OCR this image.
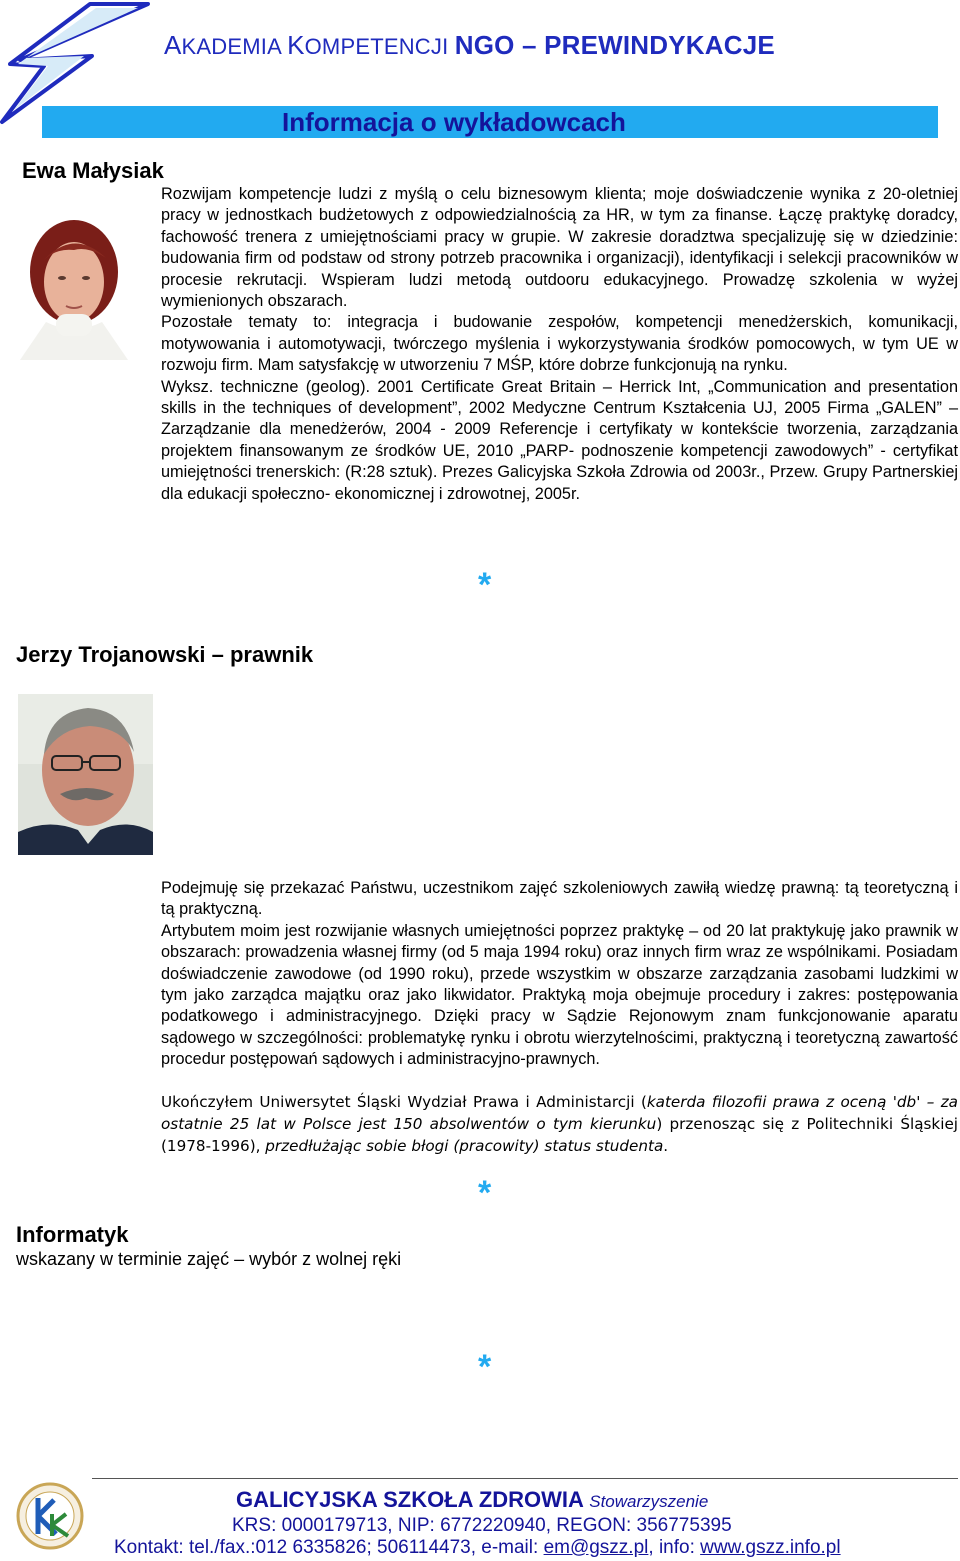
AKADEMIA KOMPETENCJI NGO – PREWINDYKACJE
Informacja o wykładowcach
Ewa Małysiak

Rozwijam kompetencje ludzi z myślą o celu biznesowym klienta; moje doświadczenie wynika z 20-oletniej pracy w jednostkach budżetowych z odpowiedzialnością za HR, w tym za finanse. Łączę praktykę doradcy, fachowość trenera z umiejętnościami pracy w grupie. W zakresie doradztwa specjalizuję się w dziedzinie: budowania firm od podstaw od strony potrzeb pracownika i organizacji), identyfikacji i selekcji pracowników w procesie rekrutacji. Wspieram ludzi metodą outdooru edukacyjnego. Prowadzę szkolenia w wyżej wymienionych obszarach.

Pozostałe tematy to: integracja i budowanie zespołów, kompetencji menedżerskich, komunikacji, motywowania i automotywacji, twórczego myślenia i wykorzystywania środków pomocowych, w tym UE w rozwoju firm. Mam satysfakcję w utworzeniu 7 MŚP, które dobrze funkcjonują na rynku.

Wyksz. techniczne (geolog). 2001 Certificate Great Britain – Herrick Int, „Communication and presentation skills in the techniques of development”, 2002 Medyczne Centrum Kształcenia UJ, 2005 Firma „GALEN” – Zarządzanie dla menedżerów, 2004 - 2009 Referencje i certyfikaty w kontekście tworzenia, zarządzania projektem finansowanym ze środków UE, 2010 „PARP- podnoszenie kompetencji zawodowych” - certyfikat umiejętności trenerskich: (R:28 sztuk). Prezes Galicyjska Szkoła Zdrowia od 2003r., Przew. Grupy Partnerskiej dla edukacji społeczno- ekonomicznej i zdrowotnej, 2005r.

*
Jerzy Trojanowski – prawnik

Podejmuję się przekazać Państwu, uczestnikom zajęć szkoleniowych zawiłą wiedzę prawną: tą teoretyczną i tą praktyczną.

Artybutem moim jest rozwijanie własnych umiejętności poprzez praktykę – od 20 lat praktykuję jako prawnik w obszarach: prowadzenia własnej firmy (od 5 maja 1994 roku) oraz innych firm wraz ze wspólnikami. Posiadam doświadczenie zawodowe (od 1990 roku), przede wszystkim w obszarze zarządzania zasobami ludzkimi w tym jako zarządca majątku oraz jako likwidator. Praktyką moja obejmuje procedury i zakres: postępowania podatkowego i administracyjnego. Dzięki pracy w Sądzie Rejonowym znam funkcjonowanie aparatu sądowego w szczególności: problematykę rynku i obrotu wierzytelnościmi, praktyczną i teoretyczną zawartość procedur postępowań sądowych i administracyjno-prawnych.

Ukończyłem Uniwersytet Śląski Wydział Prawa i Administarcji (katerda filozofii prawa z oceną 'db' – za ostatnie 25 lat w Polsce jest 150 absolwentów o tym kierunku) przenosząc się z Politechniki Śląskiej (1978-1996), przedłużając sobie błogi (pracowity) status studenta.
*
Informatyk
wskazany w terminie zajęć – wybór z wolnej ręki
*
GALICYJSKA SZKOŁA ZDROWIA Stowarzyszenie
KRS: 0000179713, NIP: 6772220940, REGON: 356775395
Kontakt: tel./fax.:012 6335826; 506114473, e-mail: em@gszz.pl, info: www.gszz.info.pl
